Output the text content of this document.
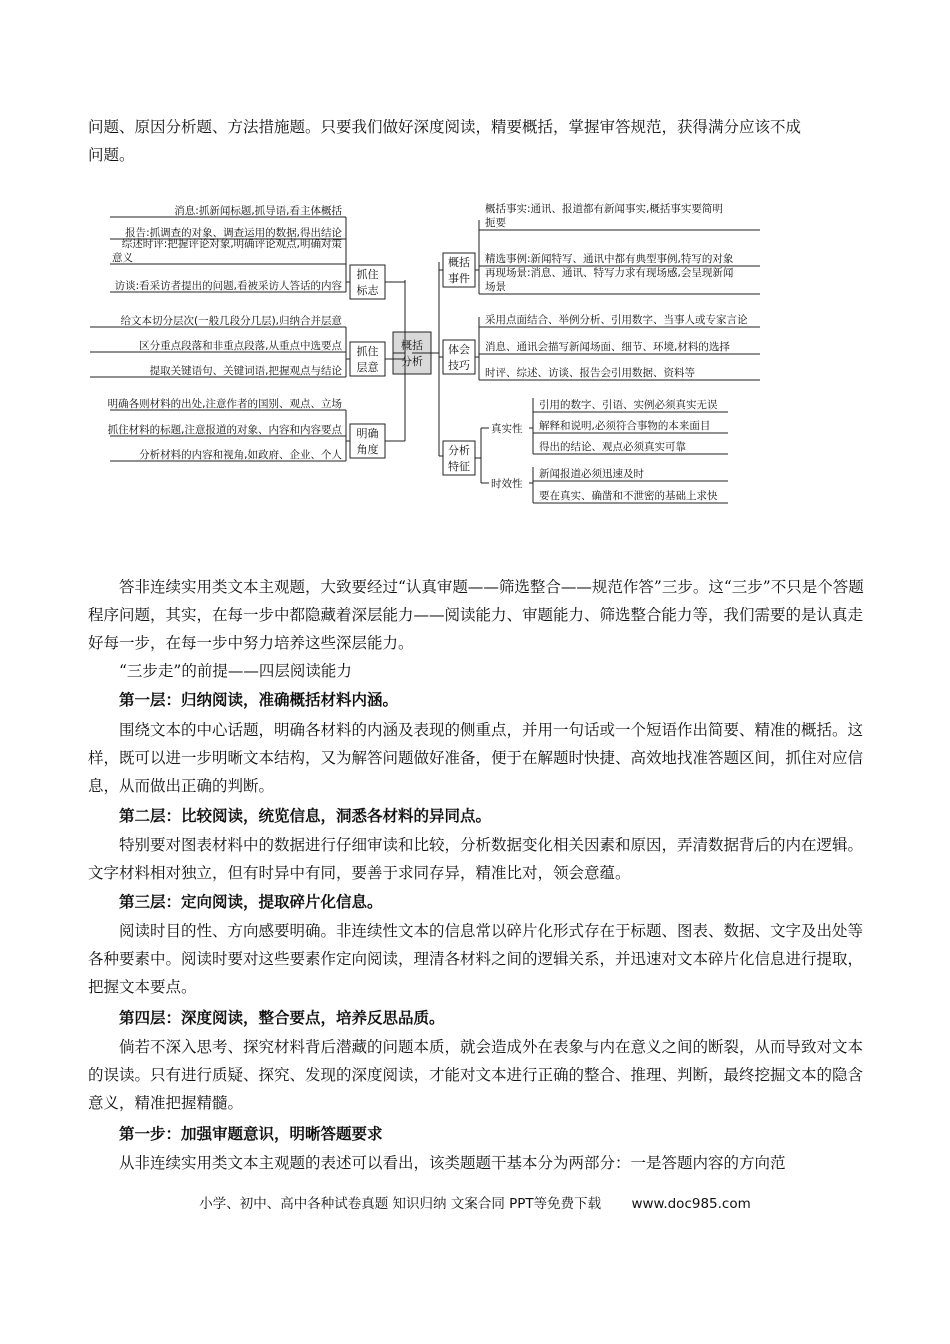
问题、原因分析题、方法措施题。只要我们做好深度阅读，精要概括，掌握审答规范，获得满分应该不成

问题。

概括
分析
抓住
标志
消息:抓新闻标题,抓导语,看主体概括
报告:抓调查的对象、调查运用的数据,得出结论
综述时评:把握评论对象,明确评论观点,明确对策
意义
访谈:看采访者提出的问题,看被采访人答话的内容
抓住
层意
给文本切分层次(一般几段分几层),归纳合并层意
区分重点段落和非重点段落,从重点中选要点
提取关键语句、关键词语,把握观点与结论
明确
角度
明确各则材料的出处,注意作者的国别、观点、立场
抓住材料的标题,注意报道的对象、内容和内容要点
分析材料的内容和视角,如政府、企业、个人
概括
事件
概括事实:通讯、报道都有新闻事实,概括事实要简明
扼要
精选事例:新闻特写、通讯中都有典型事例,特写的对象
再现场景:消息、通讯、特写力求有现场感,会呈现新闻
场景
体会
技巧
采用点面结合、举例分析、引用数字、当事人或专家言论
消息、通讯会描写新闻场面、细节、环境,材料的选择
时评、综述、访谈、报告会引用数据、资料等
分析
特征
真实性
引用的数字、引语、实例必须真实无误
解释和说明,必须符合事物的本来面目
得出的结论、观点必须真实可靠
时效性
新闻报道必须迅速及时
要在真实、确凿和不泄密的基础上求快

答非连续实用类文本主观题，大致要经过“认真审题——筛选整合——规范作答”三步。这“三步”不只是个答题程序问题，其实，在每一步中都隐藏着深层能力——阅读能力、审题能力、筛选整合能力等，我们需要的是认真走好每一步，在每一步中努力培养这些深层能力。

“三步走”的前提——四层阅读能力

第一层：归纳阅读，准确概括材料内涵。

围绕文本的中心话题，明确各材料的内涵及表现的侧重点，并用一句话或一个短语作出简要、精准的概括。这样，既可以进一步明晰文本结构，又为解答问题做好准备，便于在解题时快捷、高效地找准答题区间，抓住对应信息，从而做出正确的判断。

第二层：比较阅读，统览信息，洞悉各材料的异同点。

特别要对图表材料中的数据进行仔细审读和比较，分析数据变化相关因素和原因，弄清数据背后的内在逻辑。文字材料相对独立，但有时异中有同，要善于求同存异，精准比对，领会意蕴。

第三层：定向阅读，提取碎片化信息。

阅读时目的性、方向感要明确。非连续性文本的信息常以碎片化形式存在于标题、图表、数据、文字及出处等各种要素中。阅读时要对这些要素作定向阅读，理清各材料之间的逻辑关系，并迅速对文本碎片化信息进行提取，把握文本要点。

第四层：深度阅读，整合要点，培养反思品质。

倘若不深入思考、探究材料背后潜藏的问题本质，就会造成外在表象与内在意义之间的断裂，从而导致对文本的误读。只有进行质疑、探究、发现的深度阅读，才能对文本进行正确的整合、推理、判断，最终挖掘文本的隐含意义，精准把握精髓。

第一步：加强审题意识，明晰答题要求

从非连续实用类文本主观题的表述可以看出，该类题题干基本分为两部分：一是答题内容的方向范

小学、初中、高中各种试卷真题 知识归纳 文案合同 PPT等免费下载 www.doc985.com
